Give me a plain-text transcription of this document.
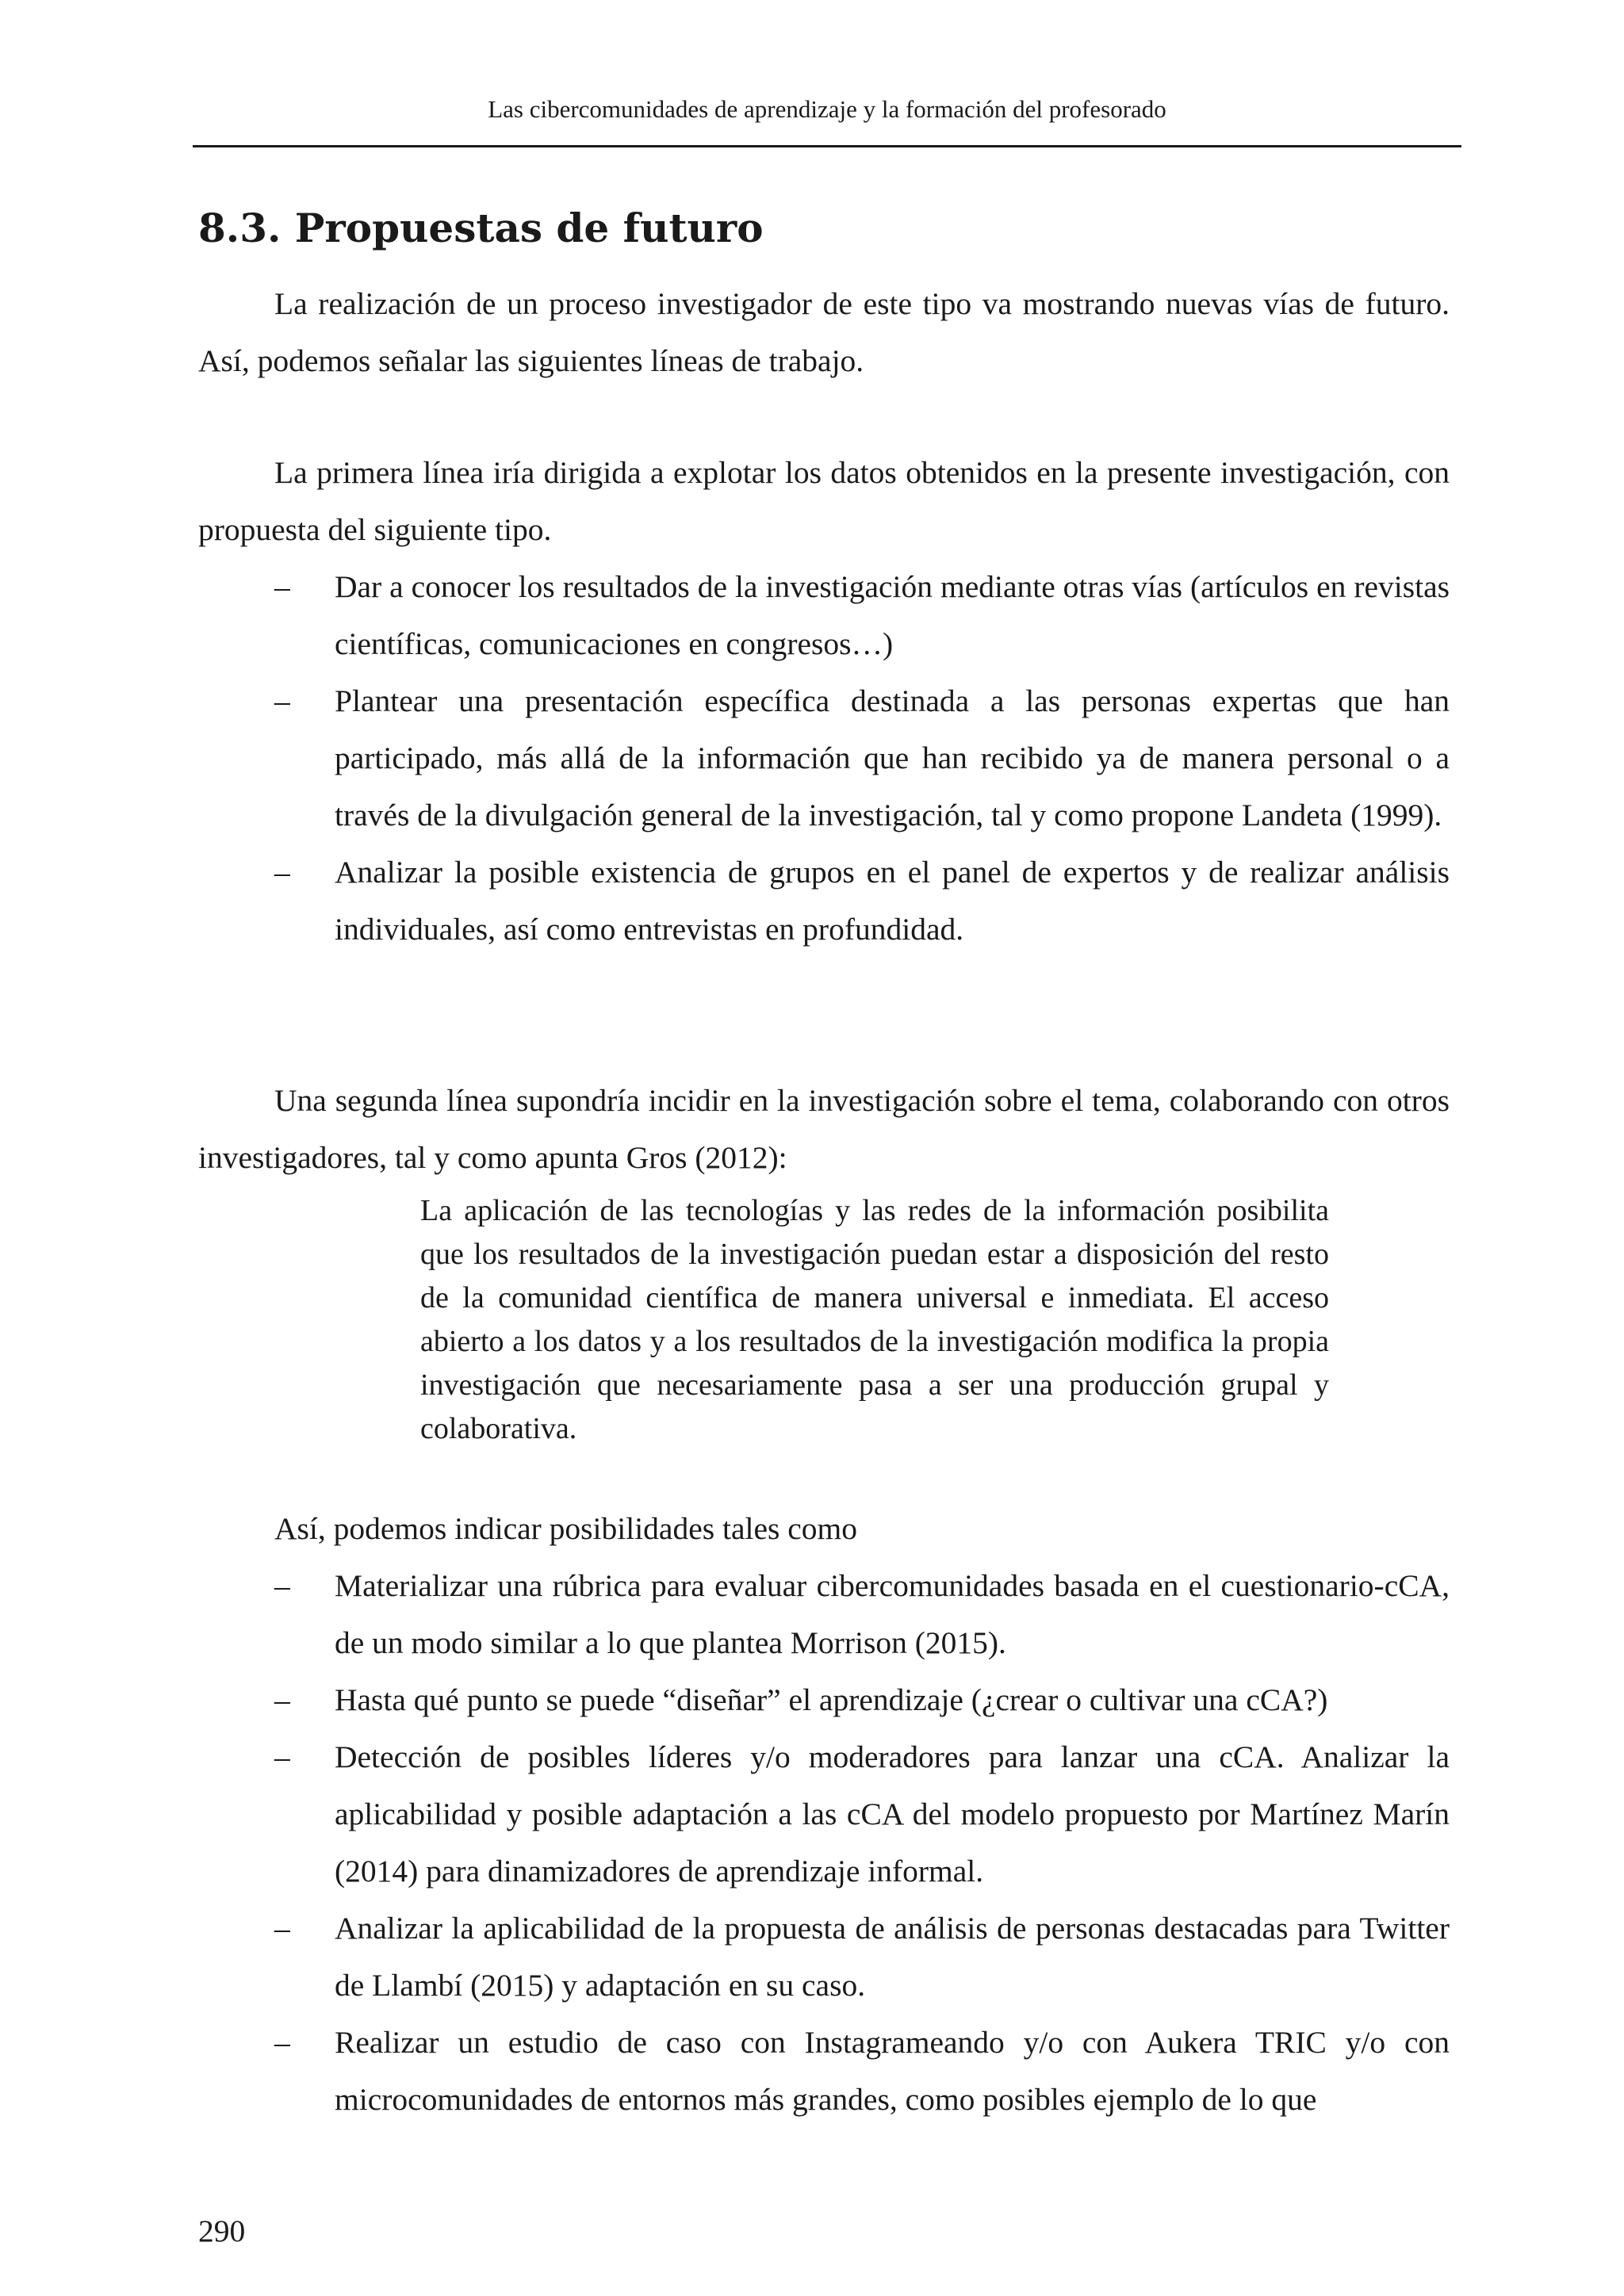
Las cibercomunidades de aprendizaje y la formación del profesorado
8.3. Propuestas de futuro

La realización de un proceso investigador de este tipo va mostrando nuevas vías de futuro. Así, podemos señalar las siguientes líneas de trabajo.

La primera línea iría dirigida a explotar los datos obtenidos en la presente investigación, con propuesta del siguiente tipo.

–	Dar a conocer los resultados de la investigación mediante otras vías (artículos en revistas científicas, comunicaciones en congresos…)
–	Plantear una presentación específica destinada a las personas expertas que han participado, más allá de la información que han recibido ya de manera personal o a través de la divulgación general de la investigación, tal y como propone Landeta (1999).
–	Analizar la posible existencia de grupos en el panel de expertos y de realizar análisis individuales, así como entrevistas en profundidad.

Una segunda línea supondría incidir en la investigación sobre el tema, colaborando con otros investigadores, tal y como apunta Gros (2012):

La aplicación de las tecnologías y las redes de la información posibilita que los resultados de la investigación puedan estar a disposición del resto de la comunidad científica de manera universal e inmediata. El acceso abierto a los datos y a los resultados de la investigación modifica la propia investigación que necesariamente pasa a ser una producción grupal y colaborativa.

Así, podemos indicar posibilidades tales como

–	Materializar una rúbrica para evaluar cibercomunidades basada en el cuestionario-cCA, de un modo similar a lo que plantea Morrison (2015).
–	Hasta qué punto se puede “diseñar” el aprendizaje (¿crear o cultivar una cCA?)
–	Detección de posibles líderes y/o moderadores para lanzar una cCA. Analizar la aplicabilidad y posible adaptación a las cCA del modelo propuesto por Martínez Marín (2014) para dinamizadores de aprendizaje informal.
–	Analizar la aplicabilidad de la propuesta de análisis de personas destacadas para Twitter de Llambí (2015) y adaptación en su caso.
–	Realizar un estudio de caso con Instagrameando y/o con Aukera TRIC y/o con microcomunidades de entornos más grandes, como posibles ejemplo de lo que
290
